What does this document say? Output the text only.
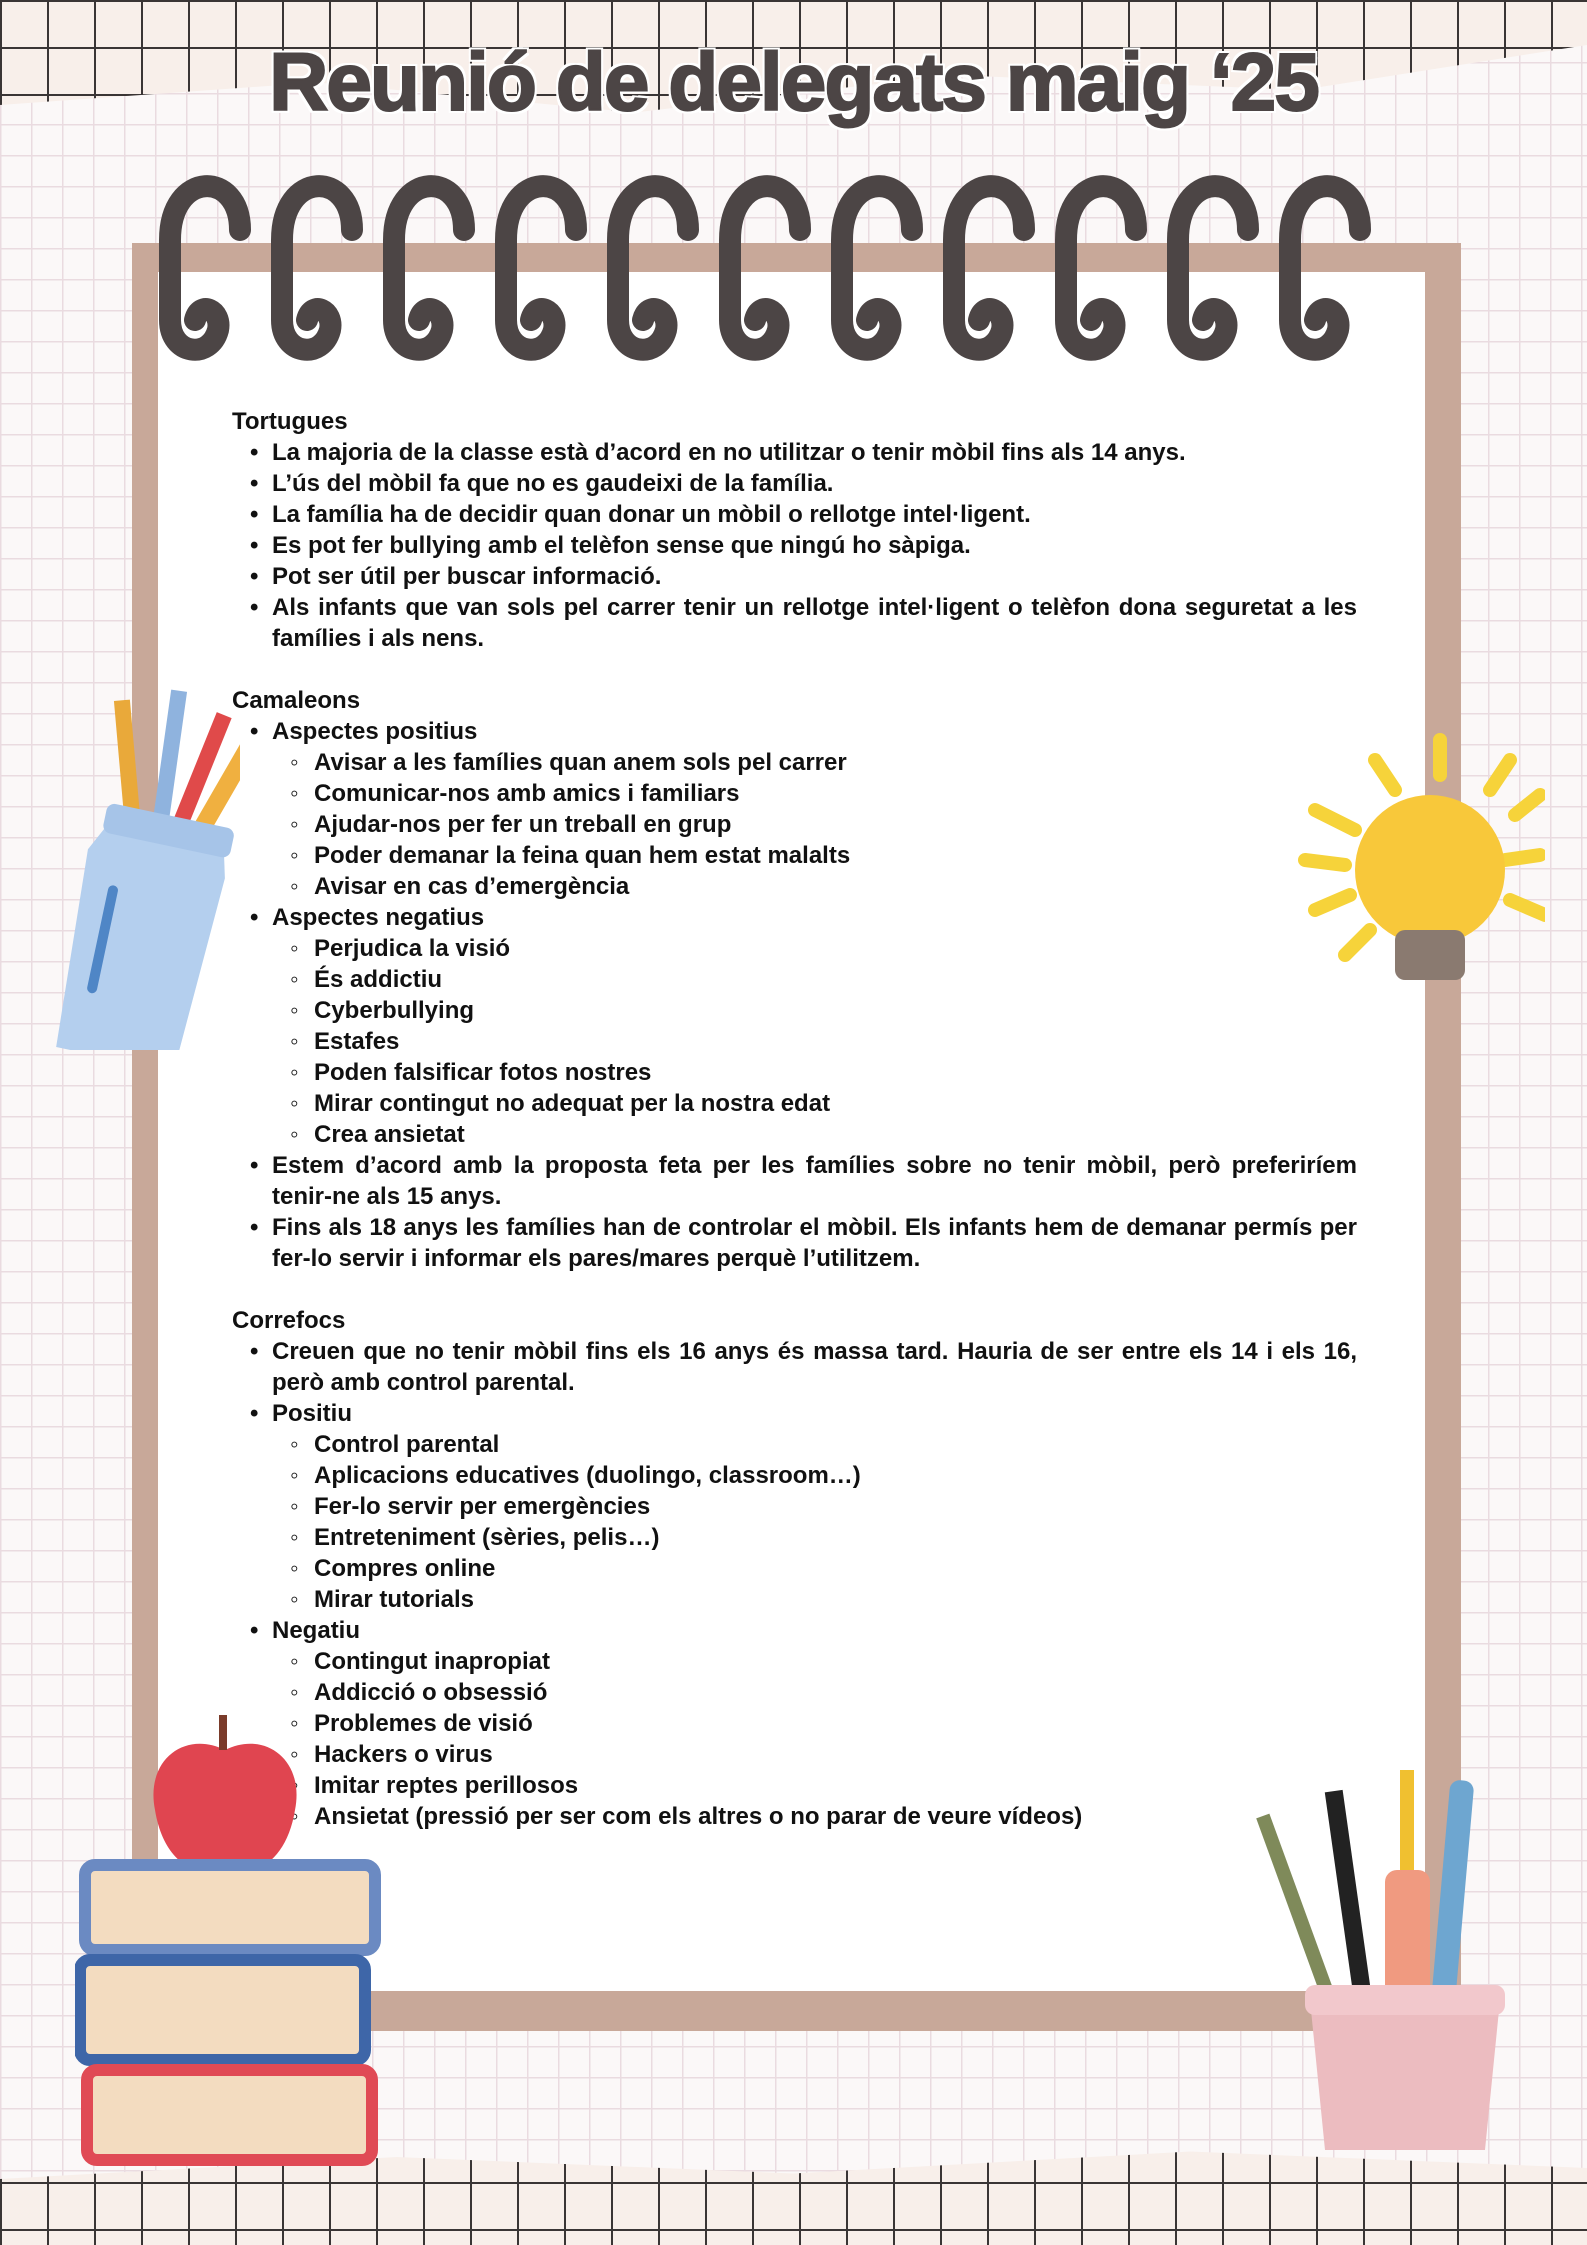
Reunió de delegats maig ‘25
Tortugues
• La majoria de la classe està d’acord en no utilitzar o tenir mòbil fins als 14 anys.
• L’ús del mòbil fa que no es gaudeixi de la família.
• La família ha de decidir quan donar un mòbil o rellotge intel·ligent.
• Es pot fer bullying amb el telèfon sense que ningú ho sàpiga.
• Pot ser útil per buscar informació.
• Als infants que van sols pel carrer tenir un rellotge intel·ligent o telèfon dona seguretat a les famílies i als nens.
Camaleons
• Aspectes positius
◦ Avisar a les famílies quan anem sols pel carrer
◦ Comunicar-nos amb amics i familiars
◦ Ajudar-nos per fer un treball en grup
◦ Poder demanar la feina quan hem estat malalts
◦ Avisar en cas d’emergència
• Aspectes negatius
◦ Perjudica la visió
◦ És addictiu
◦ Cyberbullying
◦ Estafes
◦ Poden falsificar fotos nostres
◦ Mirar contingut no adequat per la nostra edat
◦ Crea ansietat
• Estem d’acord amb la proposta feta per les famílies sobre no tenir mòbil, però preferiríem tenir-ne als 15 anys.
• Fins als 18 anys les famílies han de controlar el mòbil. Els infants hem de demanar permís per fer-lo servir i informar els pares/mares perquè l’utilitzem.
Correfocs
• Creuen que no tenir mòbil fins els 16 anys és massa tard. Hauria de ser entre els 14 i els 16, però amb control parental.
• Positiu
◦ Control parental
◦ Aplicacions educatives (duolingo, classroom…)
◦ Fer-lo servir per emergències
◦ Entreteniment (sèries, pelis…)
◦ Compres online
◦ Mirar tutorials
• Negatiu
◦ Contingut inapropiat
◦ Addicció o obsessió
◦ Problemes de visió
◦ Hackers o virus
◦ Imitar reptes perillosos
◦ Ansietat (pressió per ser com els altres o no parar de veure vídeos)
